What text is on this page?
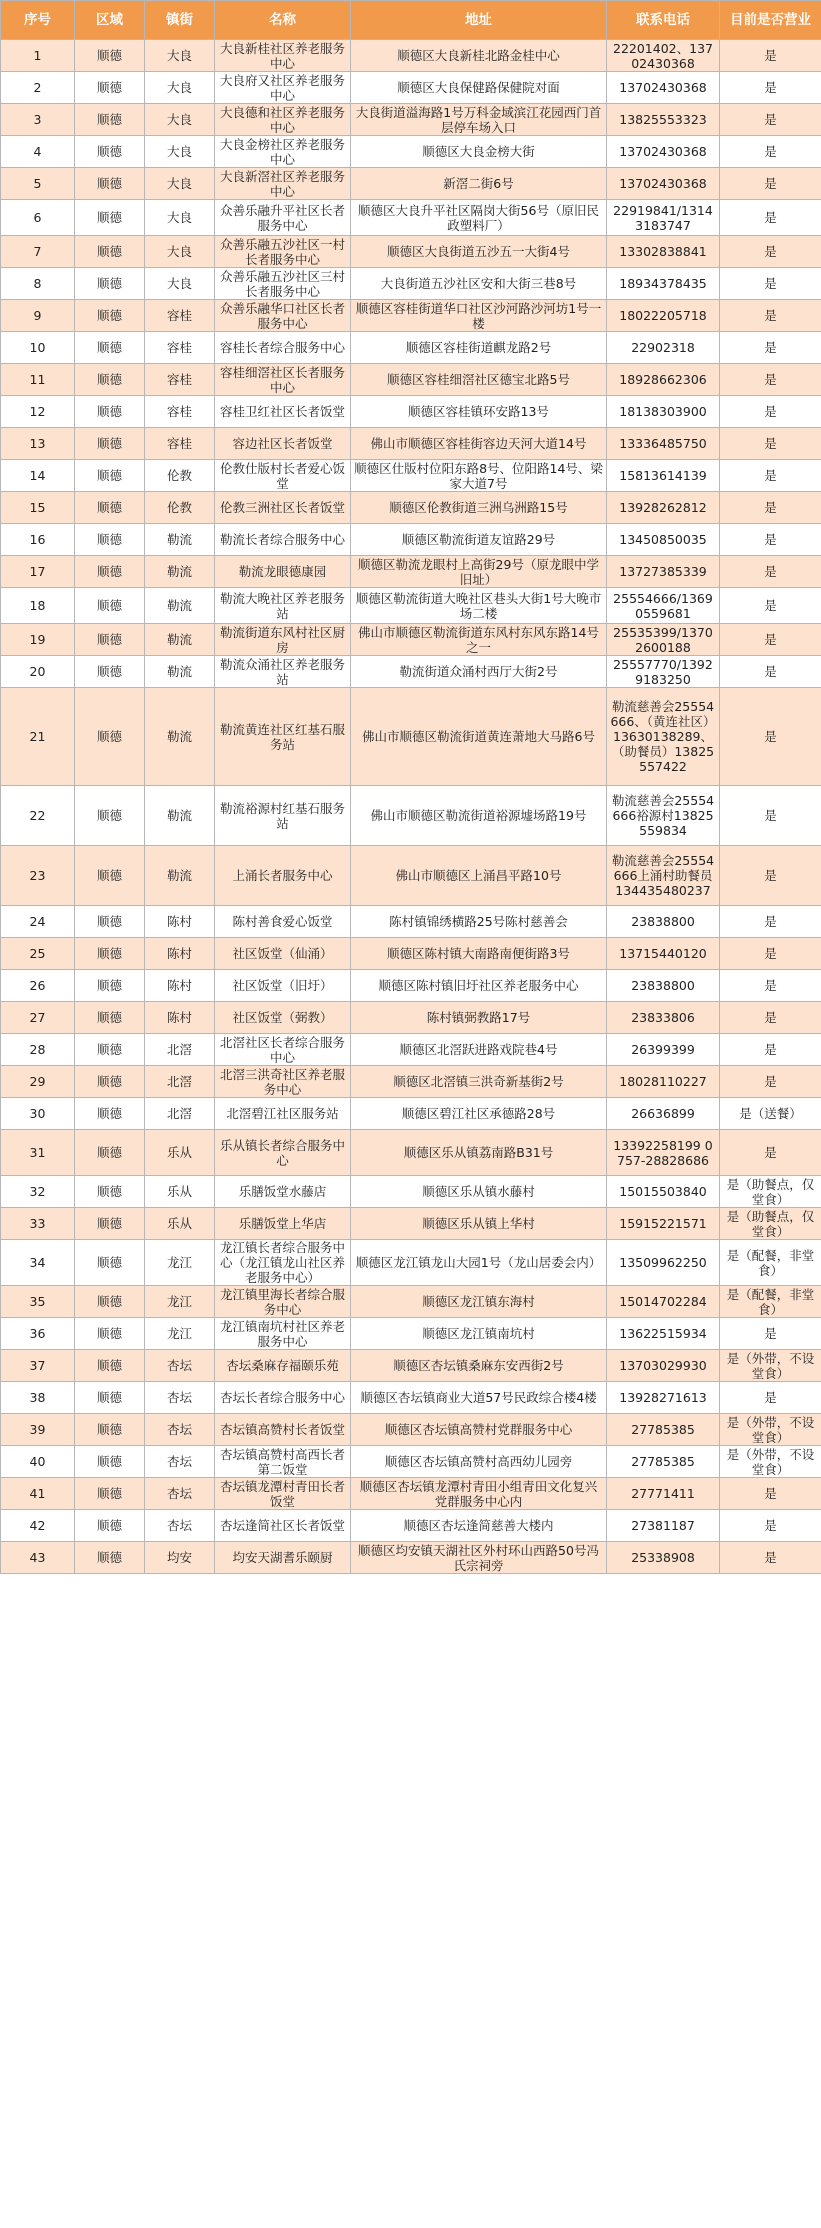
序号	区域	镇街	名称	地址	联系电话	目前是否营业
1	顺德	大良	大良新桂社区养老服务中心	顺德区大良新桂北路金桂中心	22201402、13702430368	是
2	顺德	大良	大良府又社区养老服务中心	顺德区大良保健路保健院对面	13702430368	是
3	顺德	大良	大良德和社区养老服务中心	大良街道溢海路1号万科金域滨江花园西门首层停车场入口	13825553323	是
4	顺德	大良	大良金榜社区养老服务中心	顺德区大良金榜大街	13702430368	是
5	顺德	大良	大良新滘社区养老服务中心	新滘二街6号	13702430368	是
6	顺德	大良	众善乐融升平社区长者服务中心	顺德区大良升平社区隔岗大街56号（原旧民政塑料厂）	22919841/13143183747	是
7	顺德	大良	众善乐融五沙社区一村长者服务中心	顺德区大良街道五沙五一大街4号	13302838841	是
8	顺德	大良	众善乐融五沙社区三村长者服务中心	大良街道五沙社区安和大街三巷8号	18934378435	是
9	顺德	容桂	众善乐融华口社区长者服务中心	顺德区容桂街道华口社区沙河路沙河坊1号一楼	18022205718	是
10	顺德	容桂	容桂长者综合服务中心	顺德区容桂街道麒龙路2号	22902318	是
11	顺德	容桂	容桂细滘社区长者服务中心	顺德区容桂细滘社区德宝北路5号	18928662306	是
12	顺德	容桂	容桂卫红社区长者饭堂	顺德区容桂镇环安路13号	18138303900	是
13	顺德	容桂	容边社区长者饭堂	佛山市顺德区容桂街容边天河大道14号	13336485750	是
14	顺德	伦教	伦教仕版村长者爱心饭堂	顺德区仕版村位阳东路8号、位阳路14号、梁家大道7号	15813614139	是
15	顺德	伦教	伦教三洲社区长者饭堂	顺德区伦教街道三洲乌洲路15号	13928262812	是
16	顺德	勒流	勒流长者综合服务中心	顺德区勒流街道友谊路29号	13450850035	是
17	顺德	勒流	勒流龙眼德康园	顺德区勒流龙眼村上高街29号（原龙眼中学旧址）	13727385339	是
18	顺德	勒流	勒流大晚社区养老服务站	顺德区勒流街道大晚社区巷头大街1号大晚市场二楼	25554666/13690559681	是
19	顺德	勒流	勒流街道东风村社区厨房	佛山市顺德区勒流街道东风村东风东路14号之一	25535399/13702600188	是
20	顺德	勒流	勒流众涌社区养老服务站	勒流街道众涌村西厅大街2号	25557770/13929183250	是
21	顺德	勒流	勒流黄连社区红基石服务站	佛山市顺德区勒流街道黄连萧地大马路6号	勒流慈善会25554666、（黄连社区）13630138289、（助餐员）13825557422	是
22	顺德	勒流	勒流裕源村红基石服务站	佛山市顺德区勒流街道裕源墟场路19号	勒流慈善会25554666裕源村13825559834	是
23	顺德	勒流	上涌长者服务中心	佛山市顺德区上涌昌平路10号	勒流慈善会25554666上涌村助餐员134435480237	是
24	顺德	陈村	陈村善食爱心饭堂	陈村镇锦绣横路25号陈村慈善会	23838800	是
25	顺德	陈村	社区饭堂（仙涌）	顺德区陈村镇大南路南便街路3号	13715440120	是
26	顺德	陈村	社区饭堂（旧圩）	顺德区陈村镇旧圩社区养老服务中心	23838800	是
27	顺德	陈村	社区饭堂（弼教）	陈村镇弼教路17号	23833806	是
28	顺德	北滘	北滘社区长者综合服务中心	顺德区北滘跃进路戏院巷4号	26399399	是
29	顺德	北滘	北滘三洪奇社区养老服务中心	顺德区北滘镇三洪奇新基街2号	18028110227	是
30	顺德	北滘	北滘碧江社区服务站	顺德区碧江社区承德路28号	26636899	是（送餐）
31	顺德	乐从	乐从镇长者综合服务中心	顺德区乐从镇荔南路B31号	13392258199 0757-28828686	是
32	顺德	乐从	乐膳饭堂水藤店	顺德区乐从镇水藤村	15015503840	是（助餐点，仅堂食）
33	顺德	乐从	乐膳饭堂上华店	顺德区乐从镇上华村	15915221571	是（助餐点，仅堂食）
34	顺德	龙江	龙江镇长者综合服务中心（龙江镇龙山社区养老服务中心）	顺德区龙江镇龙山大园1号（龙山居委会内）	13509962250	是（配餐，非堂食）
35	顺德	龙江	龙江镇里海长者综合服务中心	顺德区龙江镇东海村	15014702284	是（配餐，非堂食）
36	顺德	龙江	龙江镇南坑村社区养老服务中心	顺德区龙江镇南坑村	13622515934	是
37	顺德	杏坛	杏坛桑麻存福颐乐苑	顺德区杏坛镇桑麻东安西街2号	13703029930	是（外带，不设堂食）
38	顺德	杏坛	杏坛长者综合服务中心	顺德区杏坛镇商业大道57号民政综合楼4楼	13928271613	是
39	顺德	杏坛	杏坛镇高赞村长者饭堂	顺德区杏坛镇高赞村党群服务中心	27785385	是（外带，不设堂食）
40	顺德	杏坛	杏坛镇高赞村高西长者第二饭堂	顺德区杏坛镇高赞村高西幼儿园旁	27785385	是（外带，不设堂食）
41	顺德	杏坛	杏坛镇龙潭村青田长者饭堂	顺德区杏坛镇龙潭村青田小组青田文化复兴党群服务中心内	27771411	是
42	顺德	杏坛	杏坛逢简社区长者饭堂	顺德区杏坛逢简慈善大楼内	27381187	是
43	顺德	均安	均安天湖耆乐颐厨	顺德区均安镇天湖社区外村环山西路50号冯氏宗祠旁	25338908	是
